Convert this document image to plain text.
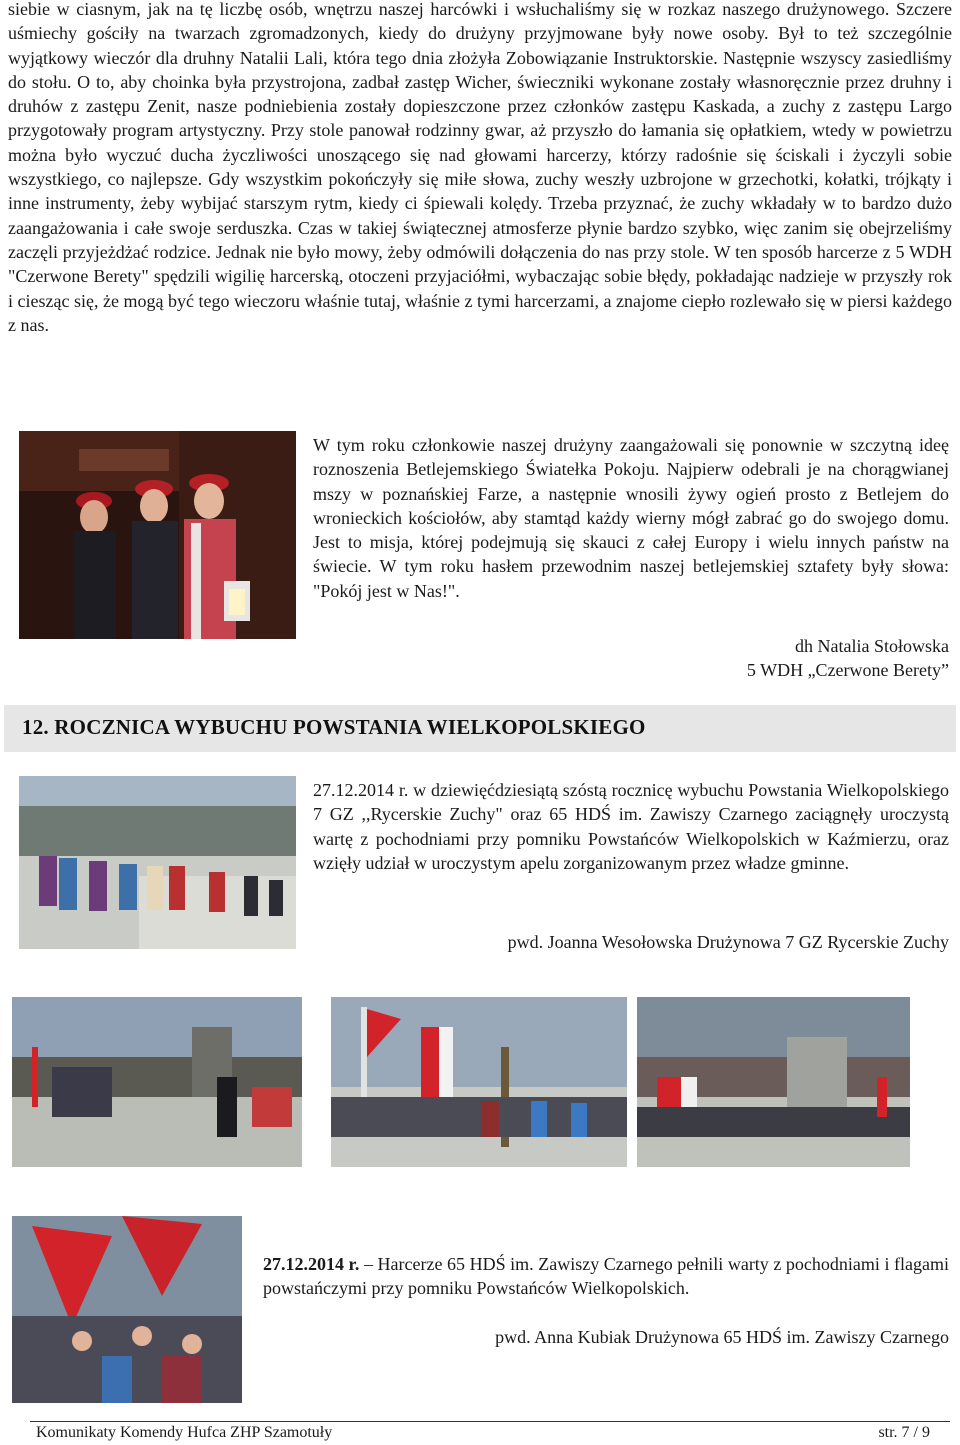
siebie w ciasnym, jak na tę liczbę osób, wnętrzu naszej harcówki i wsłuchaliśmy się w rozkaz naszego drużynowego. Szczere uśmiechy gościły na twarzach zgromadzonych, kiedy do drużyny przyjmowane były nowe osoby. Był to też szczególnie wyjątkowy wieczór dla druhny Natalii Lali, która tego dnia złożyła Zobowiązanie Instruktorskie. Następnie wszyscy zasiedliśmy do stołu. O to, aby choinka była przystrojona, zadbał zastęp Wicher, świeczniki wykonane zostały własnoręcznie przez druhny i druhów z zastępu Zenit, nasze podniebienia zostały dopieszczone przez członków zastępu Kaskada, a zuchy z zastępu Largo przygotowały program artystyczny. Przy stole panował rodzinny gwar, aż przyszło do łamania się opłatkiem, wtedy w powietrzu można było wyczuć ducha życzliwości unoszącego się nad głowami harcerzy, którzy radośnie się ściskali i życzyli sobie wszystkiego, co najlepsze. Gdy wszystkim pokończyły się miłe słowa, zuchy weszły uzbrojone w grzechotki, kołatki, trójkąty i inne instrumenty, żeby wybijać starszym rytm, kiedy ci śpiewali kolędy. Trzeba przyznać, że zuchy wkładały w to bardzo dużo zaangażowania i całe swoje serduszka. Czas w takiej świątecznej atmosferze płynie bardzo szybko, więc zanim się obejrzeliśmy zaczęli przyjeżdżać rodzice. Jednak nie było mowy, żeby odmówili dołączenia do nas przy stole. W ten sposób harcerze z 5 WDH "Czerwone Berety" spędzili wigilię harcerską, otoczeni przyjaciółmi, wybaczając sobie błędy, pokładając nadzieje w przyszły rok i ciesząc się, że mogą być tego wieczoru właśnie tutaj, właśnie z tymi harcerzami, a znajome ciepło rozlewało się w piersi każdego z nas.

W tym roku członkowie naszej drużyny zaangażowali się ponownie w szczytną ideę roznoszenia Betlejemskiego Światełka Pokoju. Najpierw odebrali je na chorągwianej mszy w poznańskiej Farze, a następnie wnosili żywy ogień prosto z Betlejem do wronieckich kościołów, aby stamtąd każdy wierny mógł zabrać go do swojego domu. Jest to misja, której podejmują się skauci z całej Europy i wielu innych państw na świecie. W tym roku hasłem przewodnim naszej betlejemskiej sztafety były słowa: "Pokój jest w Nas!".

dh Natalia Stołowska

5 WDH „Czerwone Berety”

12. ROCZNICA WYBUCHU POWSTANIA WIELKOPOLSKIEGO

27.12.2014 r. w dziewięćdziesiątą szóstą rocznicę wybuchu Powstania Wielkopolskiego 7 GZ ,,Rycerskie Zuchy" oraz 65 HDŚ im. Zawiszy Czarnego zaciągnęły uroczystą wartę z pochodniami przy pomniku Powstańców Wielkopolskich w Kaźmierzu, oraz wzięły udział w uroczystym apelu zorganizowanym przez władze gminne.

pwd. Joanna Wesołowska Drużynowa 7 GZ Rycerskie Zuchy

27.12.2014 r. – Harcerze 65 HDŚ im. Zawiszy Czarnego pełnili warty z pochodniami i flagami powstańczymi przy pomniku Powstańców Wielkopolskich.

pwd. Anna Kubiak Drużynowa 65 HDŚ im. Zawiszy Czarnego

Komunikaty Komendy Hufca ZHP Szamotuły	str. 7 / 9
